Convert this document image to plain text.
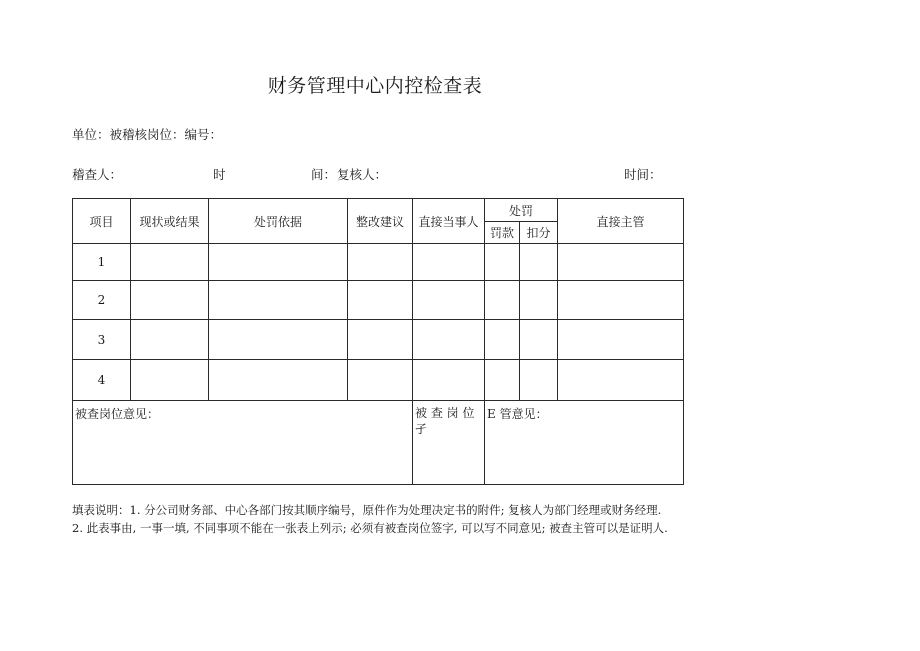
财务管理中心内控检查表
单位：被稽核岗位：编号：
稽查人：	时	间： 复核人：	时间：
项目	现状或结果	处罚依据	整改建议	直接当事人	处罚		直接主管
					罚款	扣分	
1							
2							
3							
4							
被查岗位意见：				被 查 岗 位 孑	E 管意见：		
填表说明：1. 分公司财务部、中心各部门按其顺序编号，原件作为处理决定书的附件; 复核人为部门经理或财务经理.
2. 此表事由, 一事一填, 不同事项不能在一张表上列示; 必须有被查岗位签字, 可以写不同意见; 被查主管可以是证明人.
